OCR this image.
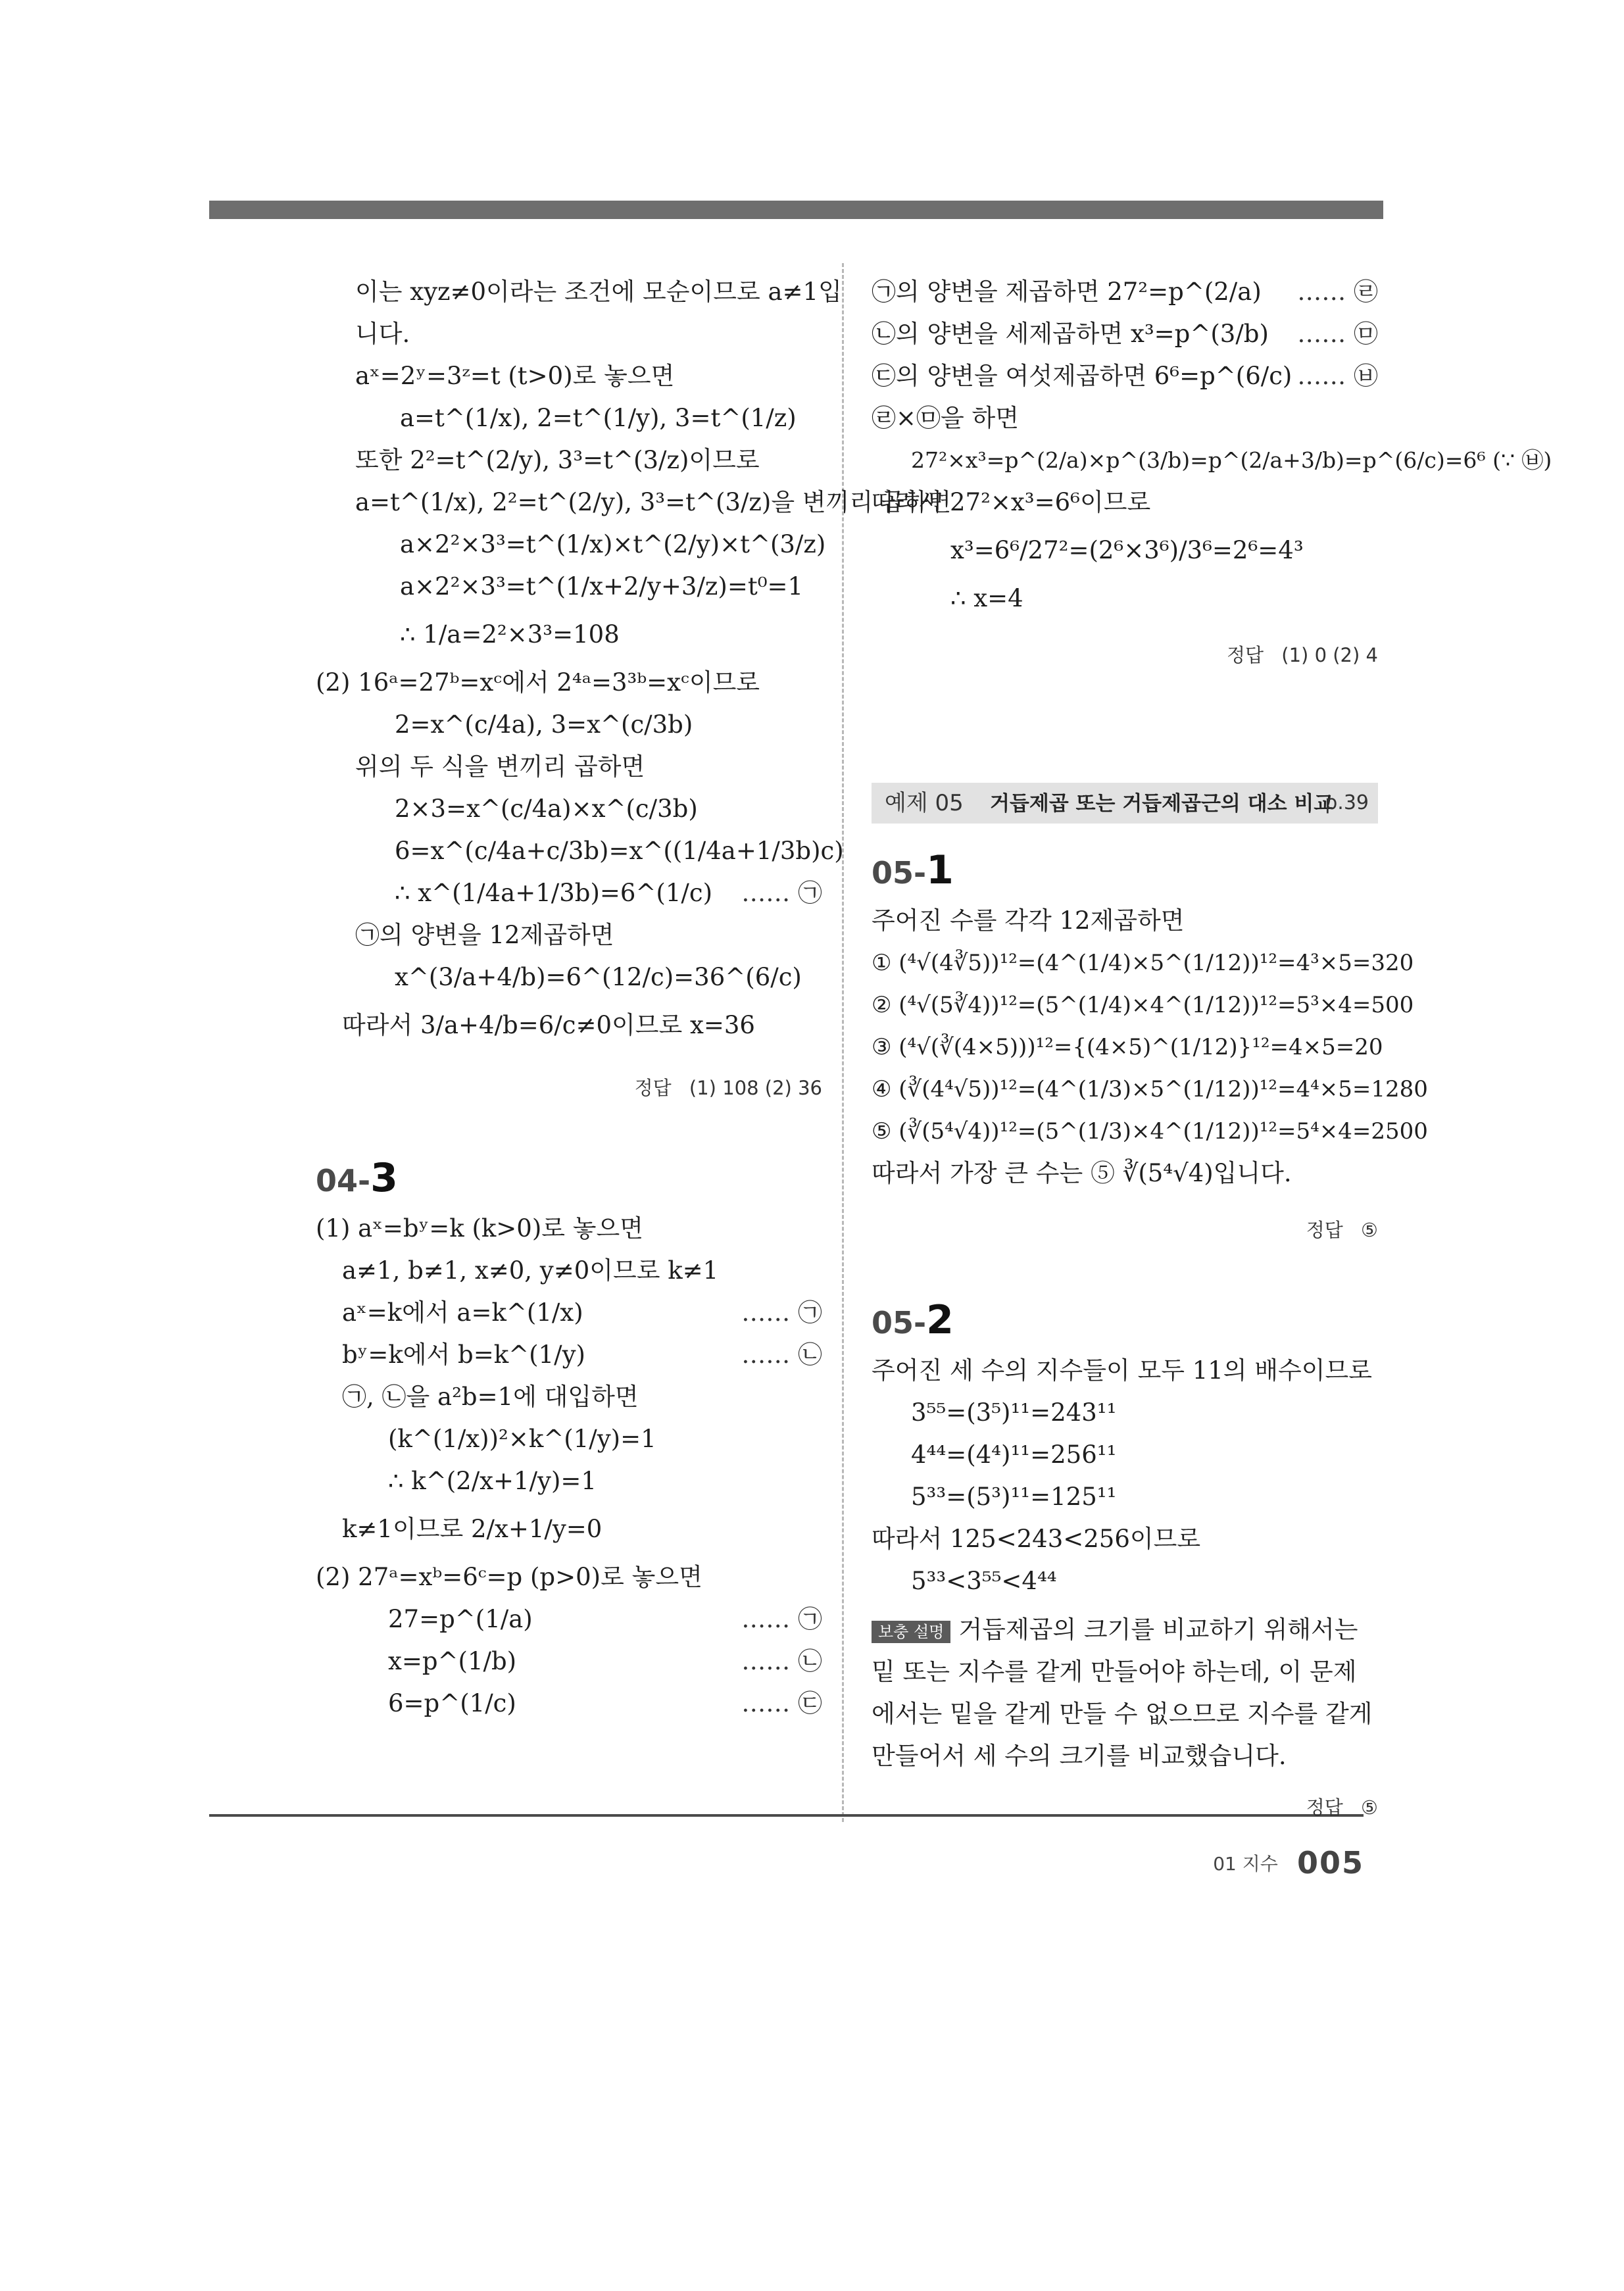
이는 xyz≠0이라는 조건에 모순이므로 a≠1입
니다.
aˣ=2ʸ=3ᶻ=t (t>0)로 놓으면
a=t^(1/x), 2=t^(1/y), 3=t^(1/z)
또한 2²=t^(2/y), 3³=t^(3/z)이므로
a=t^(1/x), 2²=t^(2/y), 3³=t^(3/z)을 변끼리 곱하면
a×2²×3³=t^(1/x)×t^(2/y)×t^(3/z)
a×2²×3³=t^(1/x+2/y+3/z)=t⁰=1
∴ 1/a=2²×3³=108
(2) 16ᵃ=27ᵇ=xᶜ에서 2⁴ᵃ=3³ᵇ=xᶜ이므로
2=x^(c/4a), 3=x^(c/3b)
위의 두 식을 변끼리 곱하면
2×3=x^(c/4a)×x^(c/3b)
6=x^(c/4a+c/3b)=x^((1/4a+1/3b)c)
∴ x^(1/4a+1/3b)=6^(1/c) …… ㉠
㉠의 양변을 12제곱하면
x^(3/a+4/b)=6^(12/c)=36^(6/c)
따라서 3/a+4/b=6/c≠0이므로 x=36
정답 (1) 108 (2) 36
04-3
(1) aˣ=bʸ=k (k>0)로 놓으면
a≠1, b≠1, x≠0, y≠0이므로 k≠1
aˣ=k에서 a=k^(1/x)	…… ㉠
bʸ=k에서 b=k^(1/y)	…… ㉡
㉠, ㉡을 a²b=1에 대입하면
(k^(1/x))²×k^(1/y)=1
∴ k^(2/x+1/y)=1
k≠1이므로 2/x+1/y=0
(2) 27ᵃ=xᵇ=6ᶜ=p (p>0)로 놓으면
27=p^(1/a)	…… ㉠
x=p^(1/b)	…… ㉡
6=p^(1/c)	…… ㉢
㉠의 양변을 제곱하면 27²=p^(2/a) …… ㉣
㉡의 양변을 세제곱하면 x³=p^(3/b) …… ㉤
㉢의 양변을 여섯제곱하면 6⁶=p^(6/c) …… ㉥
㉣×㉤을 하면
27²×x³=p^(2/a)×p^(3/b)=p^(2/a+3/b)=p^(6/c)=6⁶ (∵ ㉥)
따라서 27²×x³=6⁶이므로
x³=6⁶/27²=(2⁶×3⁶)/3⁶=2⁶=4³
∴ x=4
정답 (1) 0 (2) 4
예제 05 거듭제곱 또는 거듭제곱근의 대소 비교
p.39
05-1
주어진 수를 각각 12제곱하면
① (⁴√(4∛5))¹²=(4^(1/4)×5^(1/12))¹²=4³×5=320
② (⁴√(5∛4))¹²=(5^(1/4)×4^(1/12))¹²=5³×4=500
③ (⁴√(∛(4×5)))¹²={(4×5)^(1/12)}¹²=4×5=20
④ (∛(4⁴√5))¹²=(4^(1/3)×5^(1/12))¹²=4⁴×5=1280
⑤ (∛(5⁴√4))¹²=(5^(1/3)×4^(1/12))¹²=5⁴×4=2500
따라서 가장 큰 수는 ⑤ ∛(5⁴√4)입니다.
정답 ⑤
05-2
주어진 세 수의 지수들이 모두 11의 배수이므로
3⁵⁵=(3⁵)¹¹=243¹¹
4⁴⁴=(4⁴)¹¹=256¹¹
5³³=(5³)¹¹=125¹¹
따라서 125<243<256이므로
5³³<3⁵⁵<4⁴⁴
보충 설명 거듭제곱의 크기를 비교하기 위해서는 밑 또는 지수를 같게 만들어야 하는데, 이 문제에서는 밑을 같게 만들 수 없으므로 지수를 같게 만들어서 세 수의 크기를 비교했습니다.
정답 ⑤
01 지수 005
